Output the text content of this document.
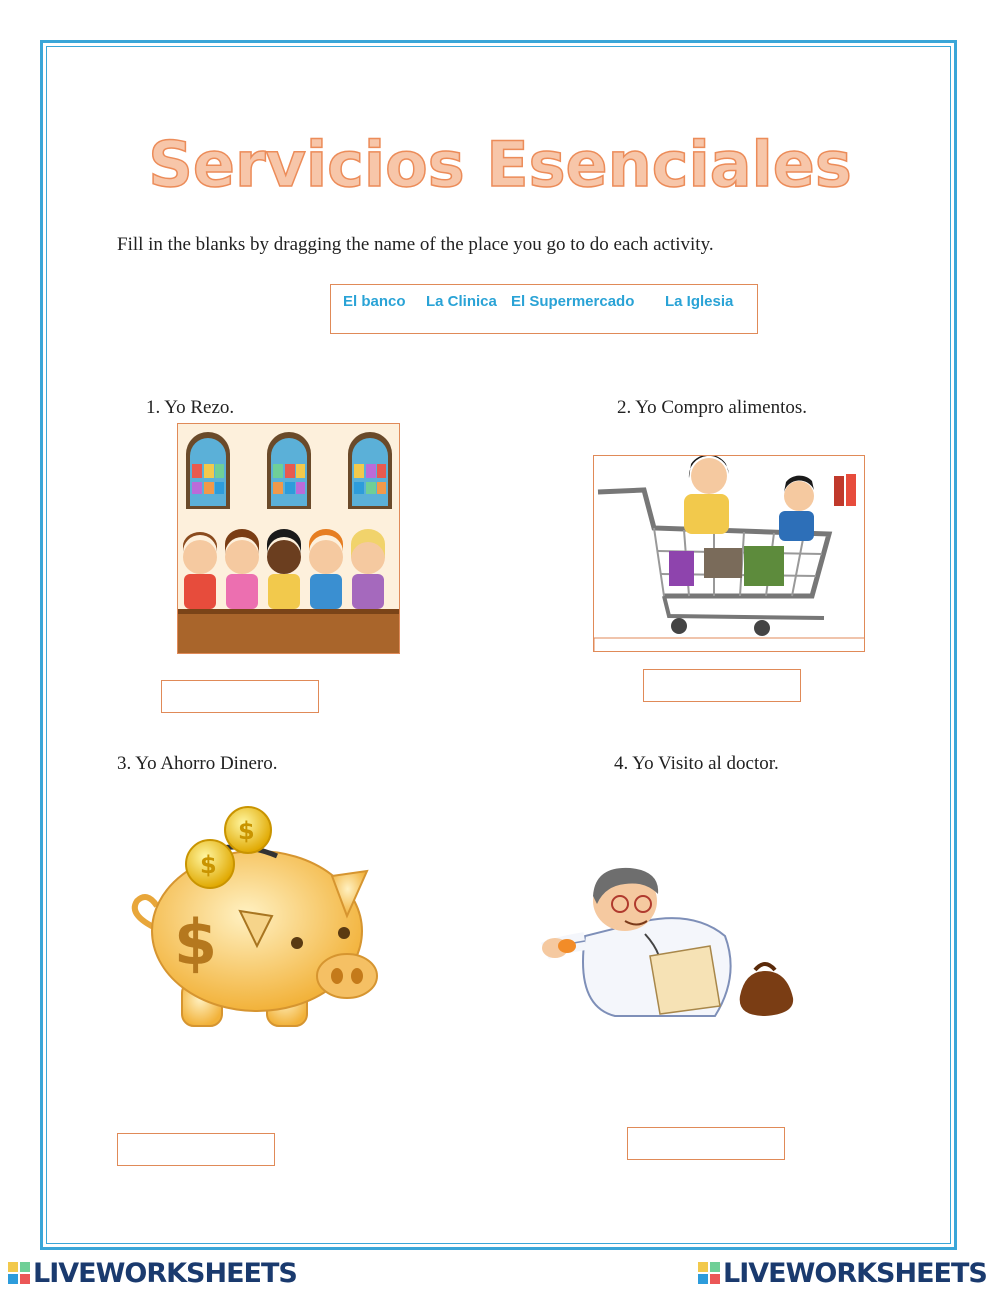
Servicios Esenciales
Fill in the blanks by dragging the name of the place you go to do each activity.
El banco La Clinica El Supermercado La Iglesia
1. Yo Rezo.	2. Yo Compro alimentos.
3. Yo Ahorro Dinero.
$
$
$
4. Yo Visito al doctor.
LIVEWORKSHEETS	LIVEWORKSHEETS
